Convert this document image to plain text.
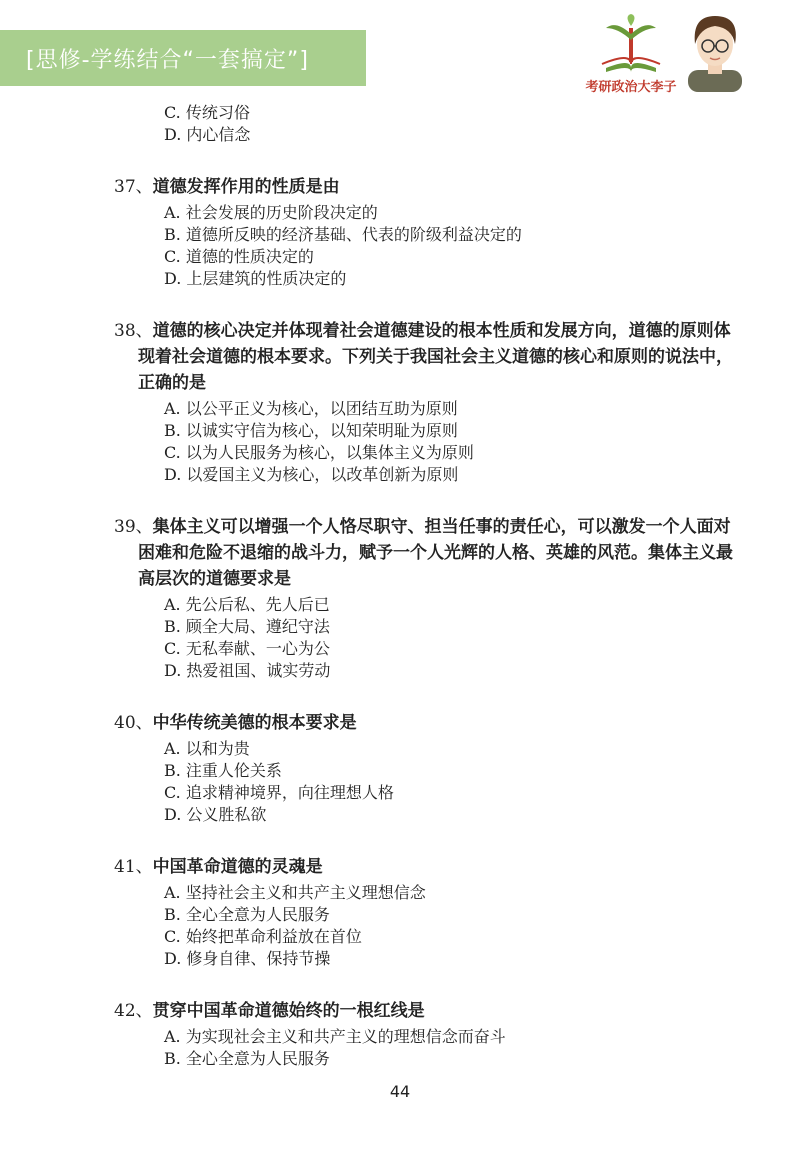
[思修-学练结合“一套搞定”]
考研政治大李子
C. 传统习俗
D. 内心信念
37、道德发挥作用的性质是由
A. 社会发展的历史阶段决定的
B. 道德所反映的经济基础、代表的阶级利益决定的
C. 道德的性质决定的
D. 上层建筑的性质决定的
38、道德的核心决定并体现着社会道德建设的根本性质和发展方向，道德的原则体现着社会道德的根本要求。下列关于我国社会主义道德的核心和原则的说法中，正确的是
A. 以公平正义为核心，以团结互助为原则
B. 以诚实守信为核心，以知荣明耻为原则
C. 以为人民服务为核心，以集体主义为原则
D. 以爱国主义为核心，以改革创新为原则
39、集体主义可以增强一个人恪尽职守、担当任事的责任心，可以激发一个人面对困难和危险不退缩的战斗力，赋予一个人光辉的人格、英雄的风范。集体主义最高层次的道德要求是
A. 先公后私、先人后已
B. 顾全大局、遵纪守法
C. 无私奉献、一心为公
D. 热爱祖国、诚实劳动
40、中华传统美德的根本要求是
A. 以和为贵
B. 注重人伦关系
C. 追求精神境界，向往理想人格
D. 公义胜私欲
41、中国革命道德的灵魂是
A. 坚持社会主义和共产主义理想信念
B. 全心全意为人民服务
C. 始终把革命利益放在首位
D. 修身自律、保持节操
42、贯穿中国革命道德始终的一根红线是
A. 为实现社会主义和共产主义的理想信念而奋斗
B. 全心全意为人民服务
44
